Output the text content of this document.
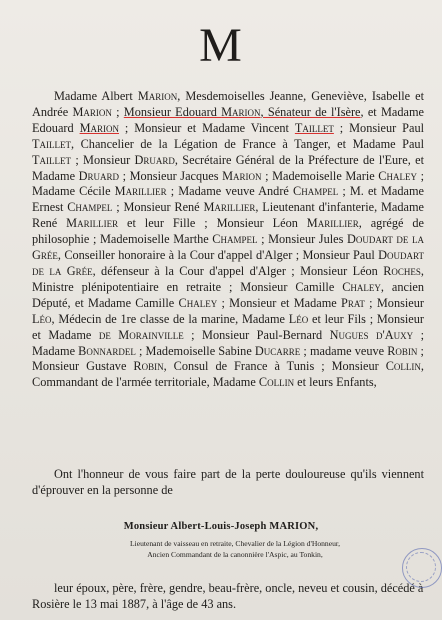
M

Madame Albert Marion, Mesdemoiselles Jeanne, Geneviève, Isabelle et Andrée Marion ; Monsieur Edouard Marion, Sénateur de l'Isère, et Madame Edouard Marion ; Monsieur et Madame Vincent Taillet ; Monsieur Paul Taillet, Chancelier de la Légation de France à Tanger, et Madame Paul Taillet ; Monsieur Druard, Secrétaire Général de la Préfecture de l'Eure, et Madame Druard ; Monsieur Jacques Marion ; Mademoiselle Marie Chaley ; Madame Cécile Marillier ; Madame veuve André Champel ; M. et Madame Ernest Champel ; Monsieur René Marillier, Lieutenant d'infanterie, Madame René Marillier et leur Fille ; Monsieur Léon Marillier, agrégé de philosophie ; Mademoiselle Marthe Champel ; Monsieur Jules Doudart de la Grée, Conseiller honoraire à la Cour d'appel d'Alger ; Monsieur Paul Doudart de la Grée, défenseur à la Cour d'appel d'Alger ; Monsieur Léon Roches, Ministre plénipotentiaire en retraite ; Monsieur Camille Chaley, ancien Député, et Madame Camille Chaley ; Monsieur et Madame Prat ; Monsieur Léo, Médecin de 1re classe de la marine, Madame Léo et leur Fils ; Monsieur et Madame de Morainville ; Monsieur Paul-Bernard Nugues d'Auxy ; Madame Bonnardel ; Mademoiselle Sabine Ducarre ; madame veuve Robin ; Monsieur Gustave Robin, Consul de France à Tunis ; Monsieur Collin, Commandant de l'armée territoriale, Madame Collin et leurs Enfants,

Ont l'honneur de vous faire part de la perte douloureuse qu'ils viennent d'éprouver en la personne de

Monsieur Albert-Louis-Joseph MARION,
Lieutenant de vaisseau en retraite, Chevalier de la Légion d'Honneur,
Ancien Commandant de la canonnière l'Aspic, au Tonkin,

leur époux, père, frère, gendre, beau-frère, oncle, neveu et cousin, décédé à Rosière le 13 mai 1887, à l'âge de 43 ans.
